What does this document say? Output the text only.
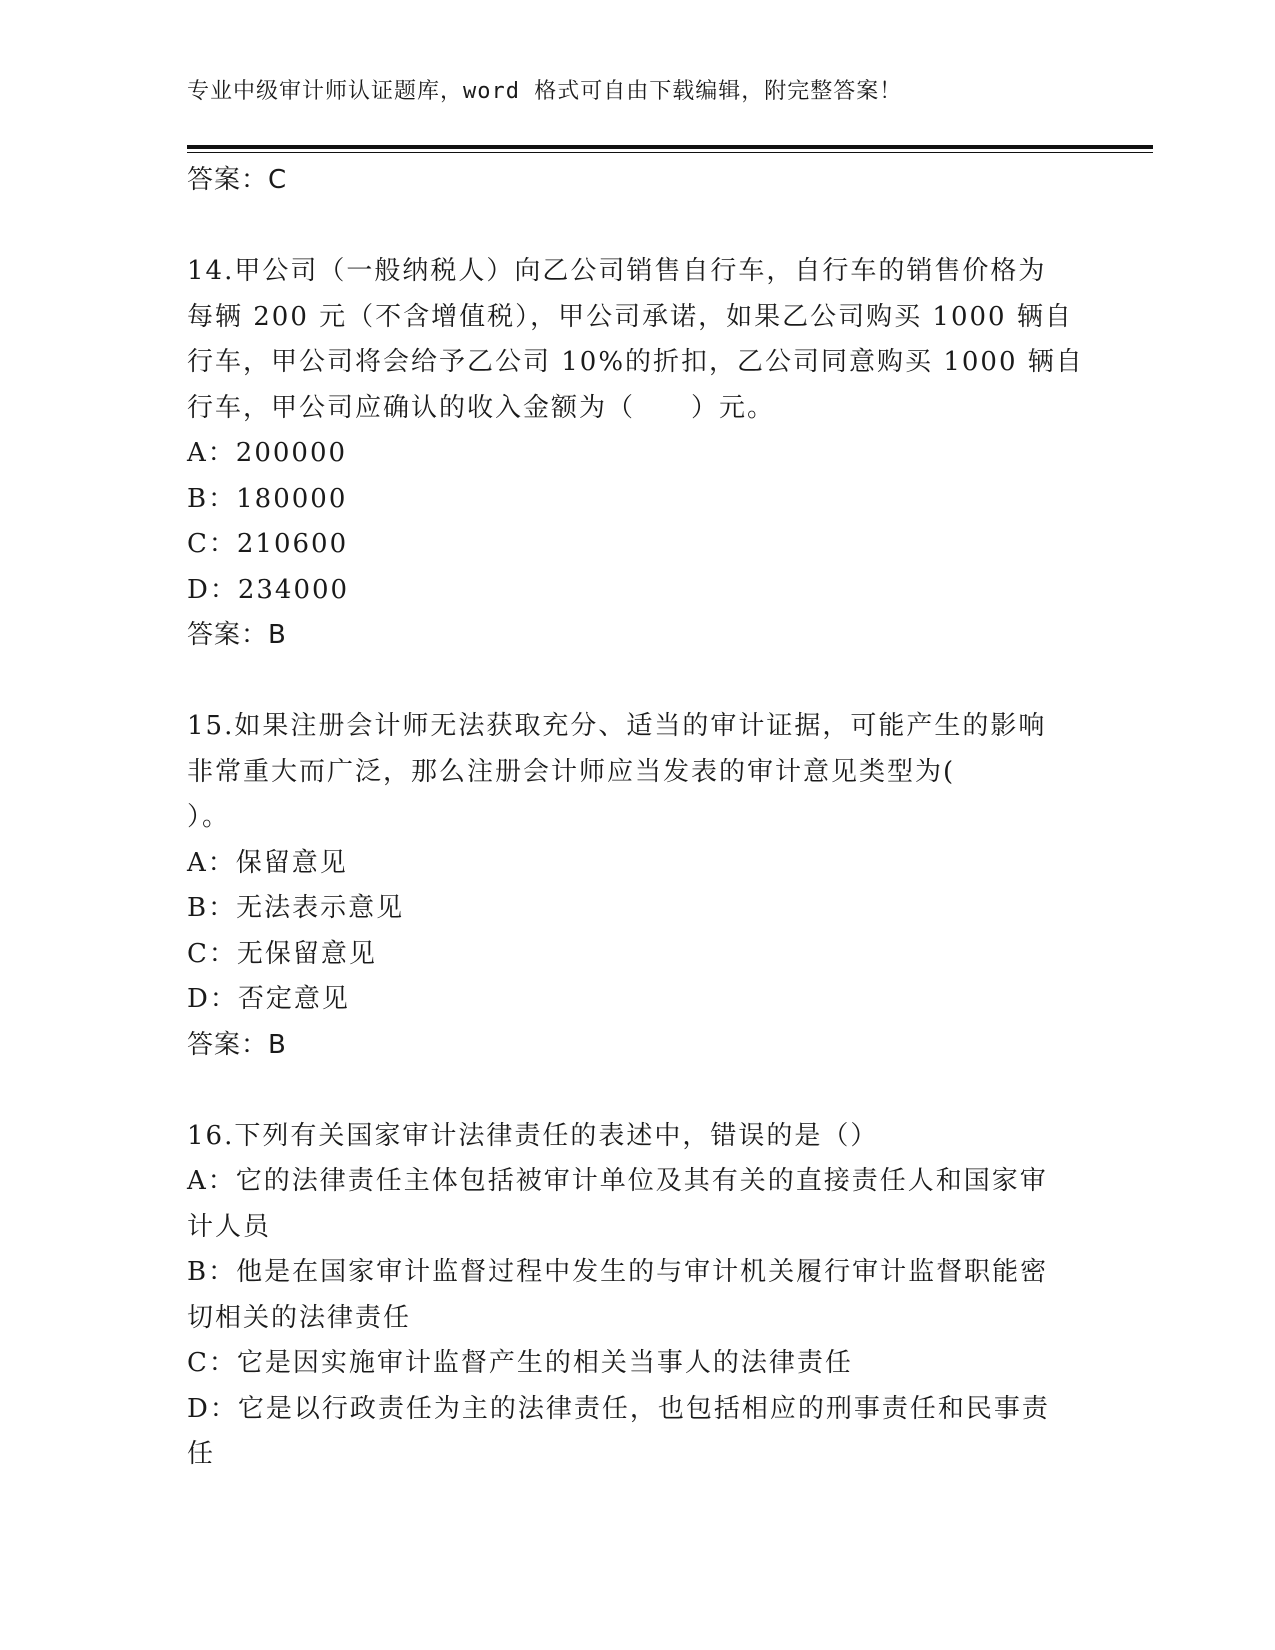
专业中级审计师认证题库，word 格式可自由下载编辑，附完整答案！
答案：C
14.甲公司（一般纳税人）向乙公司销售自行车，自行车的销售价格为
每辆 200 元（不含增值税），甲公司承诺，如果乙公司购买 1000 辆自
行车，甲公司将会给予乙公司 10%的折扣，乙公司同意购买 1000 辆自
行车，甲公司应确认的收入金额为（　　）元。
A：200000
B：180000
C：210600
D：234000
答案：B
15.如果注册会计师无法获取充分、适当的审计证据，可能产生的影响
非常重大而广泛，那么注册会计师应当发表的审计意见类型为(
）。
A：保留意见
B：无法表示意见
C：无保留意见
D：否定意见
答案：B
16.下列有关国家审计法律责任的表述中，错误的是（）
A：它的法律责任主体包括被审计单位及其有关的直接责任人和国家审
计人员
B：他是在国家审计监督过程中发生的与审计机关履行审计监督职能密
切相关的法律责任
C：它是因实施审计监督产生的相关当事人的法律责任
D：它是以行政责任为主的法律责任，也包括相应的刑事责任和民事责
任
